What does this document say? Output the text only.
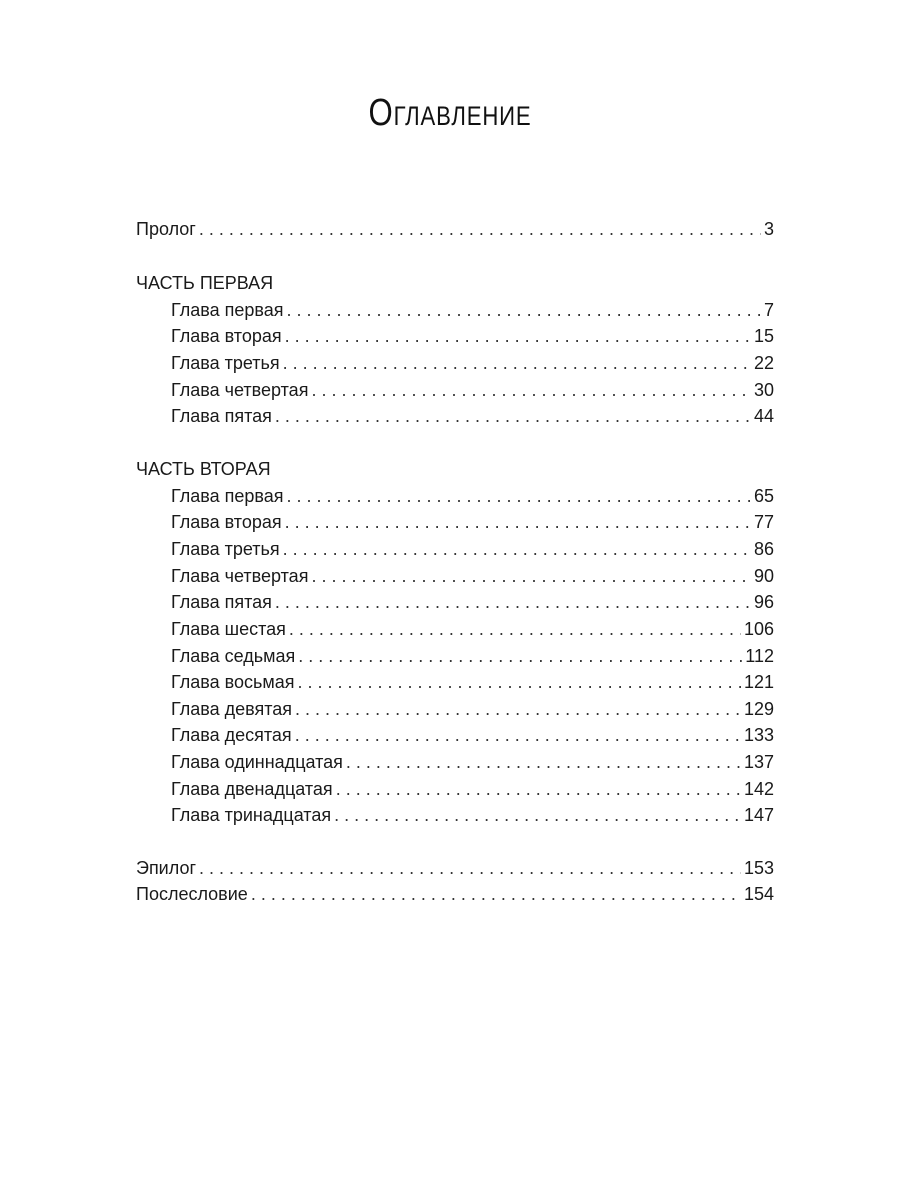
Оглавление
Пролог . . .	3
ЧАСТЬ ПЕРВАЯ
Глава первая . . .	7
Глава вторая . . .	15
Глава третья . . .	22
Глава четвертая . . .	30
Глава пятая . . .	44
ЧАСТЬ ВТОРАЯ
Глава первая . . .	65
Глава вторая . . .	77
Глава третья . . .	86
Глава четвертая . . .	90
Глава пятая . . .	96
Глава шестая . . .	106
Глава седьмая . . .	112
Глава восьмая . . .	121
Глава девятая . . .	129
Глава десятая . . .	133
Глава одиннадцатая . . .	137
Глава двенадцатая . . .	142
Глава тринадцатая . . .	147
Эпилог . . .	153
Послесловие . . .	154
